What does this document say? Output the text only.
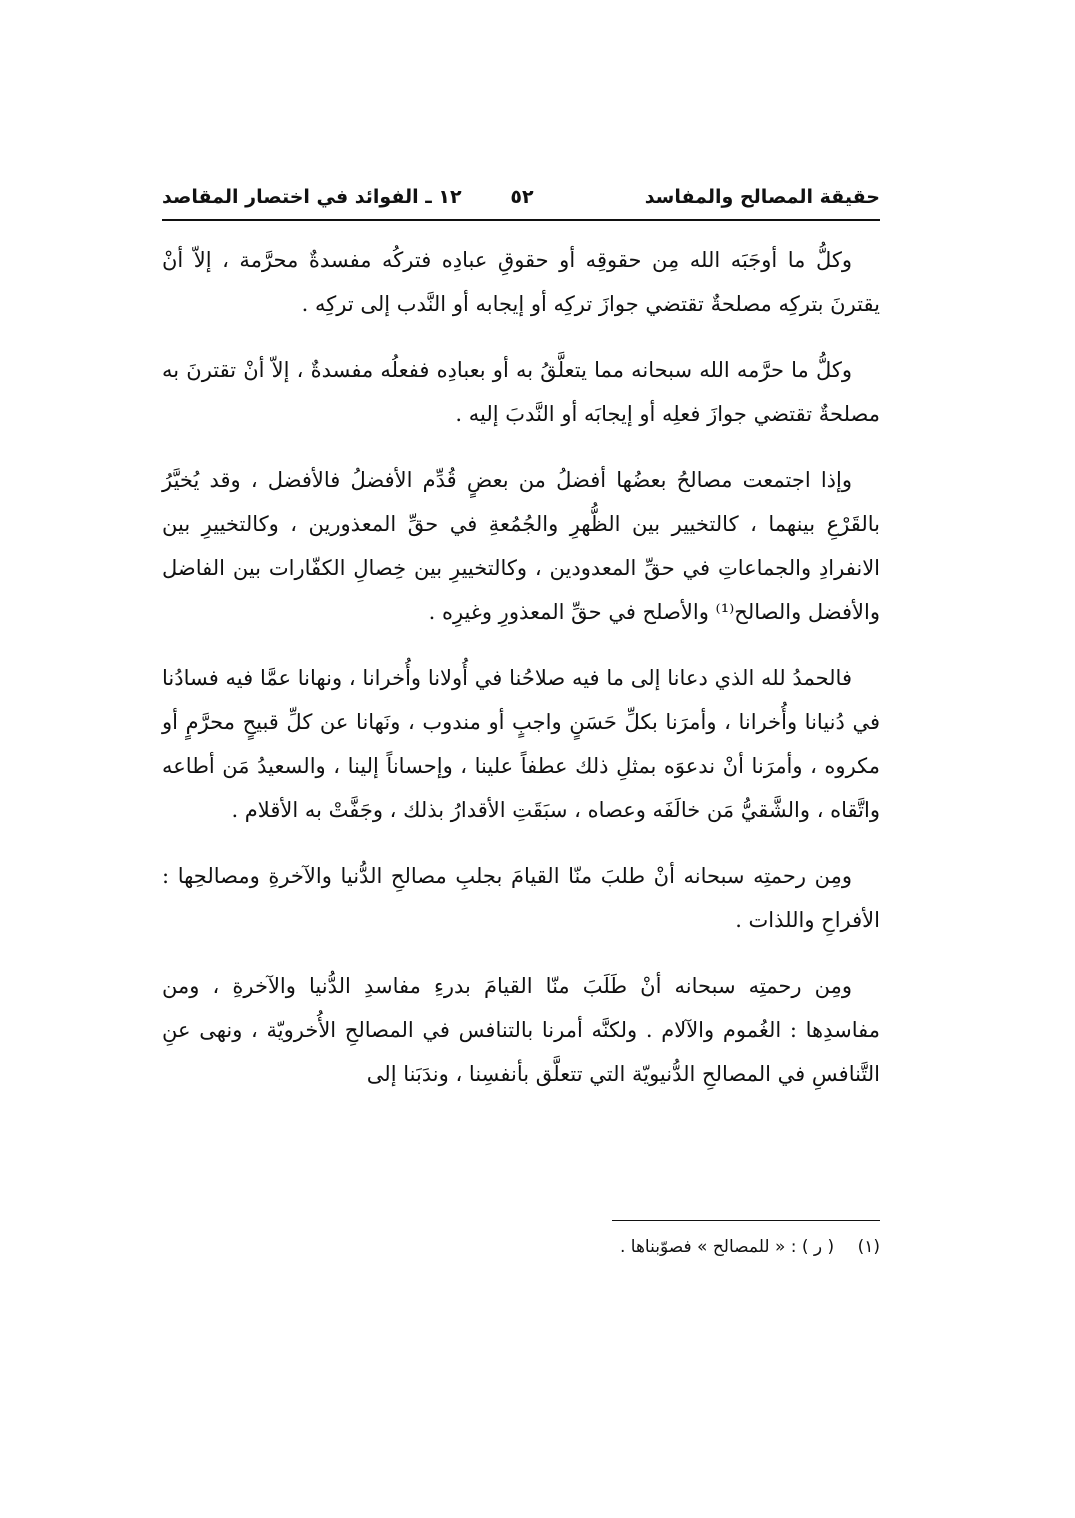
حقيقة المصالح والمفاسد
٥٢
١٢ ـ الفوائد في اختصار المقاصد

وكلُّ ما أوجَبَه الله مِن حقوقِه أو حقوقِ عبادِه فتركُه مفسدةٌ محرَّمة ، إلاّ أنْ يقترنَ بتركِه مصلحةٌ تقتضي جوازَ تركِه أو إيجابه أو النَّدب إلى تركِه .

وكلُّ ما حرَّمه الله سبحانه مما يتعلَّقُ به أو بعبادِه ففعلُه مفسدةٌ ، إلاّ أنْ تقترنَ به مصلحةٌ تقتضي جوازَ فعلِه أو إيجابَه أو النَّدبَ إليه .

وإذا اجتمعت مصالحُ بعضُها أفضلُ من بعضٍ قُدِّم الأفضلُ فالأفضل ، وقد يُخيَّرُ بالقَرْعِ بينهما ، كالتخيير بين الظُّهرِ والجُمُعةِ في حقِّ المعذورين ، وكالتخييرِ بين الانفرادِ والجماعاتِ في حقِّ المعدودين ، وكالتخييرِ بين خِصالِ الكفّارات بين الفاضل والأفضل والصالح⁽¹⁾ والأصلح في حقِّ المعذورِ وغيرِه .

فالحمدُ لله الذي دعانا إلى ما فيه صلاحُنا في أُولانا وأُخرانا ، ونهانا عمَّا فيه فسادُنا في دُنيانا وأُخرانا ، وأمرَنا بكلِّ حَسَنٍ واجبٍ أو مندوب ، ونَهانا عن كلِّ قبيحٍ محرَّمٍ أو مكروه ، وأمرَنا أنْ ندعوَه بمثلِ ذلك عطفاً علينا ، وإحساناً إلينا ، والسعيدُ مَن أطاعه واتَّقاه ، والشَّقيُّ مَن خالَفَه وعصاه ، سبَقَتِ الأقدارُ بذلك ، وجَفَّتْ به الأقلام .

ومِن رحمتِه سبحانه أنْ طلبَ منّا القيامَ بجلبِ مصالحِ الدُّنيا والآخرةِ ومصالحِها : الأفراحِ واللذات .

ومِن رحمتِه سبحانه أنْ طَلَبَ منّا القيامَ بدرءِ مفاسدِ الدُّنيا والآخرةِ ، ومن مفاسدِها : الغُموم والآلام . ولكنَّه أمرنا بالتنافس في المصالحِ الأُخرويّة ، ونهى عنِ التَّنافسِ في المصالحِ الدُّنيويّة التي تتعلَّق بأنفسِنا ، وندَبَنا إلى

(١) ( ر ) : « للمصالح » فصوّبناها .
